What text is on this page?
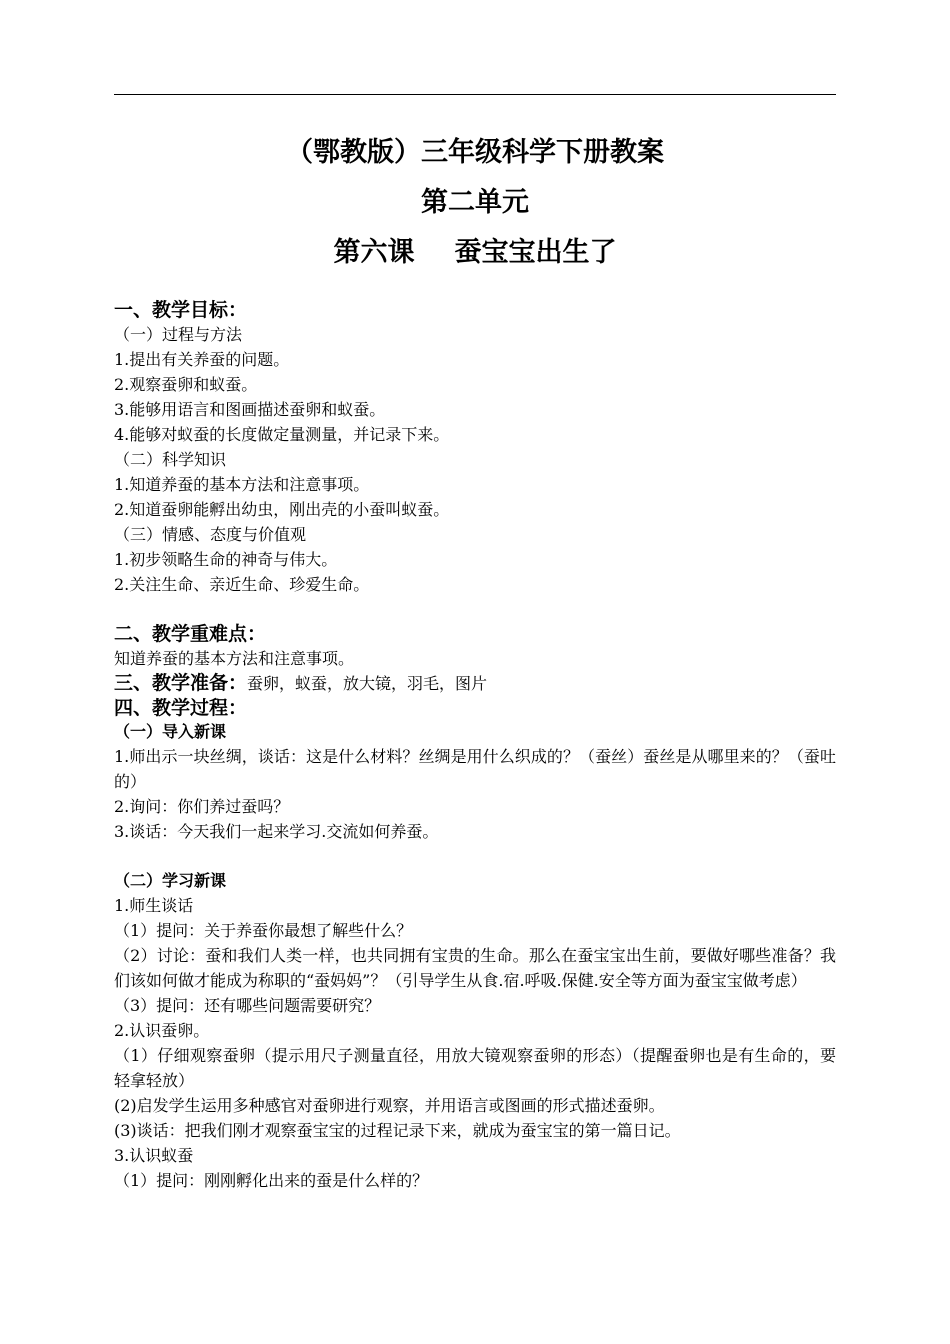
（鄂教版）三年级科学下册教案
第二单元
第六课 蚕宝宝出生了
一、教学目标：
（一）过程与方法
1.提出有关养蚕的问题。
2.观察蚕卵和蚁蚕。
3.能够用语言和图画描述蚕卵和蚁蚕。
4.能够对蚁蚕的长度做定量测量，并记录下来。
（二）科学知识
1.知道养蚕的基本方法和注意事项。
2.知道蚕卵能孵出幼虫，刚出壳的小蚕叫蚁蚕。
（三）情感、态度与价值观
1.初步领略生命的神奇与伟大。
2.关注生命、亲近生命、珍爱生命。
二、教学重难点：
知道养蚕的基本方法和注意事项。
三、教学准备：蚕卵，蚁蚕，放大镜，羽毛，图片
四、教学过程：
（一）导入新课
1.师出示一块丝绸，谈话：这是什么材料？丝绸是用什么织成的？（蚕丝）蚕丝是从哪里来的？（蚕吐的）
2.询问：你们养过蚕吗？
3.谈话：今天我们一起来学习.交流如何养蚕。
（二）学习新课
1.师生谈话
（1）提问：关于养蚕你最想了解些什么？
（2）讨论：蚕和我们人类一样，也共同拥有宝贵的生命。那么在蚕宝宝出生前，要做好哪些准备？我们该如何做才能成为称职的“蚕妈妈”？（引导学生从食.宿.呼吸.保健.安全等方面为蚕宝宝做考虑）
（3）提问：还有哪些问题需要研究？
2.认识蚕卵。
（1）仔细观察蚕卵（提示用尺子测量直径，用放大镜观察蚕卵的形态）（提醒蚕卵也是有生命的，要轻拿轻放）
(2)启发学生运用多种感官对蚕卵进行观察，并用语言或图画的形式描述蚕卵。
(3)谈话：把我们刚才观察蚕宝宝的过程记录下来，就成为蚕宝宝的第一篇日记。
3.认识蚁蚕
（1）提问：刚刚孵化出来的蚕是什么样的？
